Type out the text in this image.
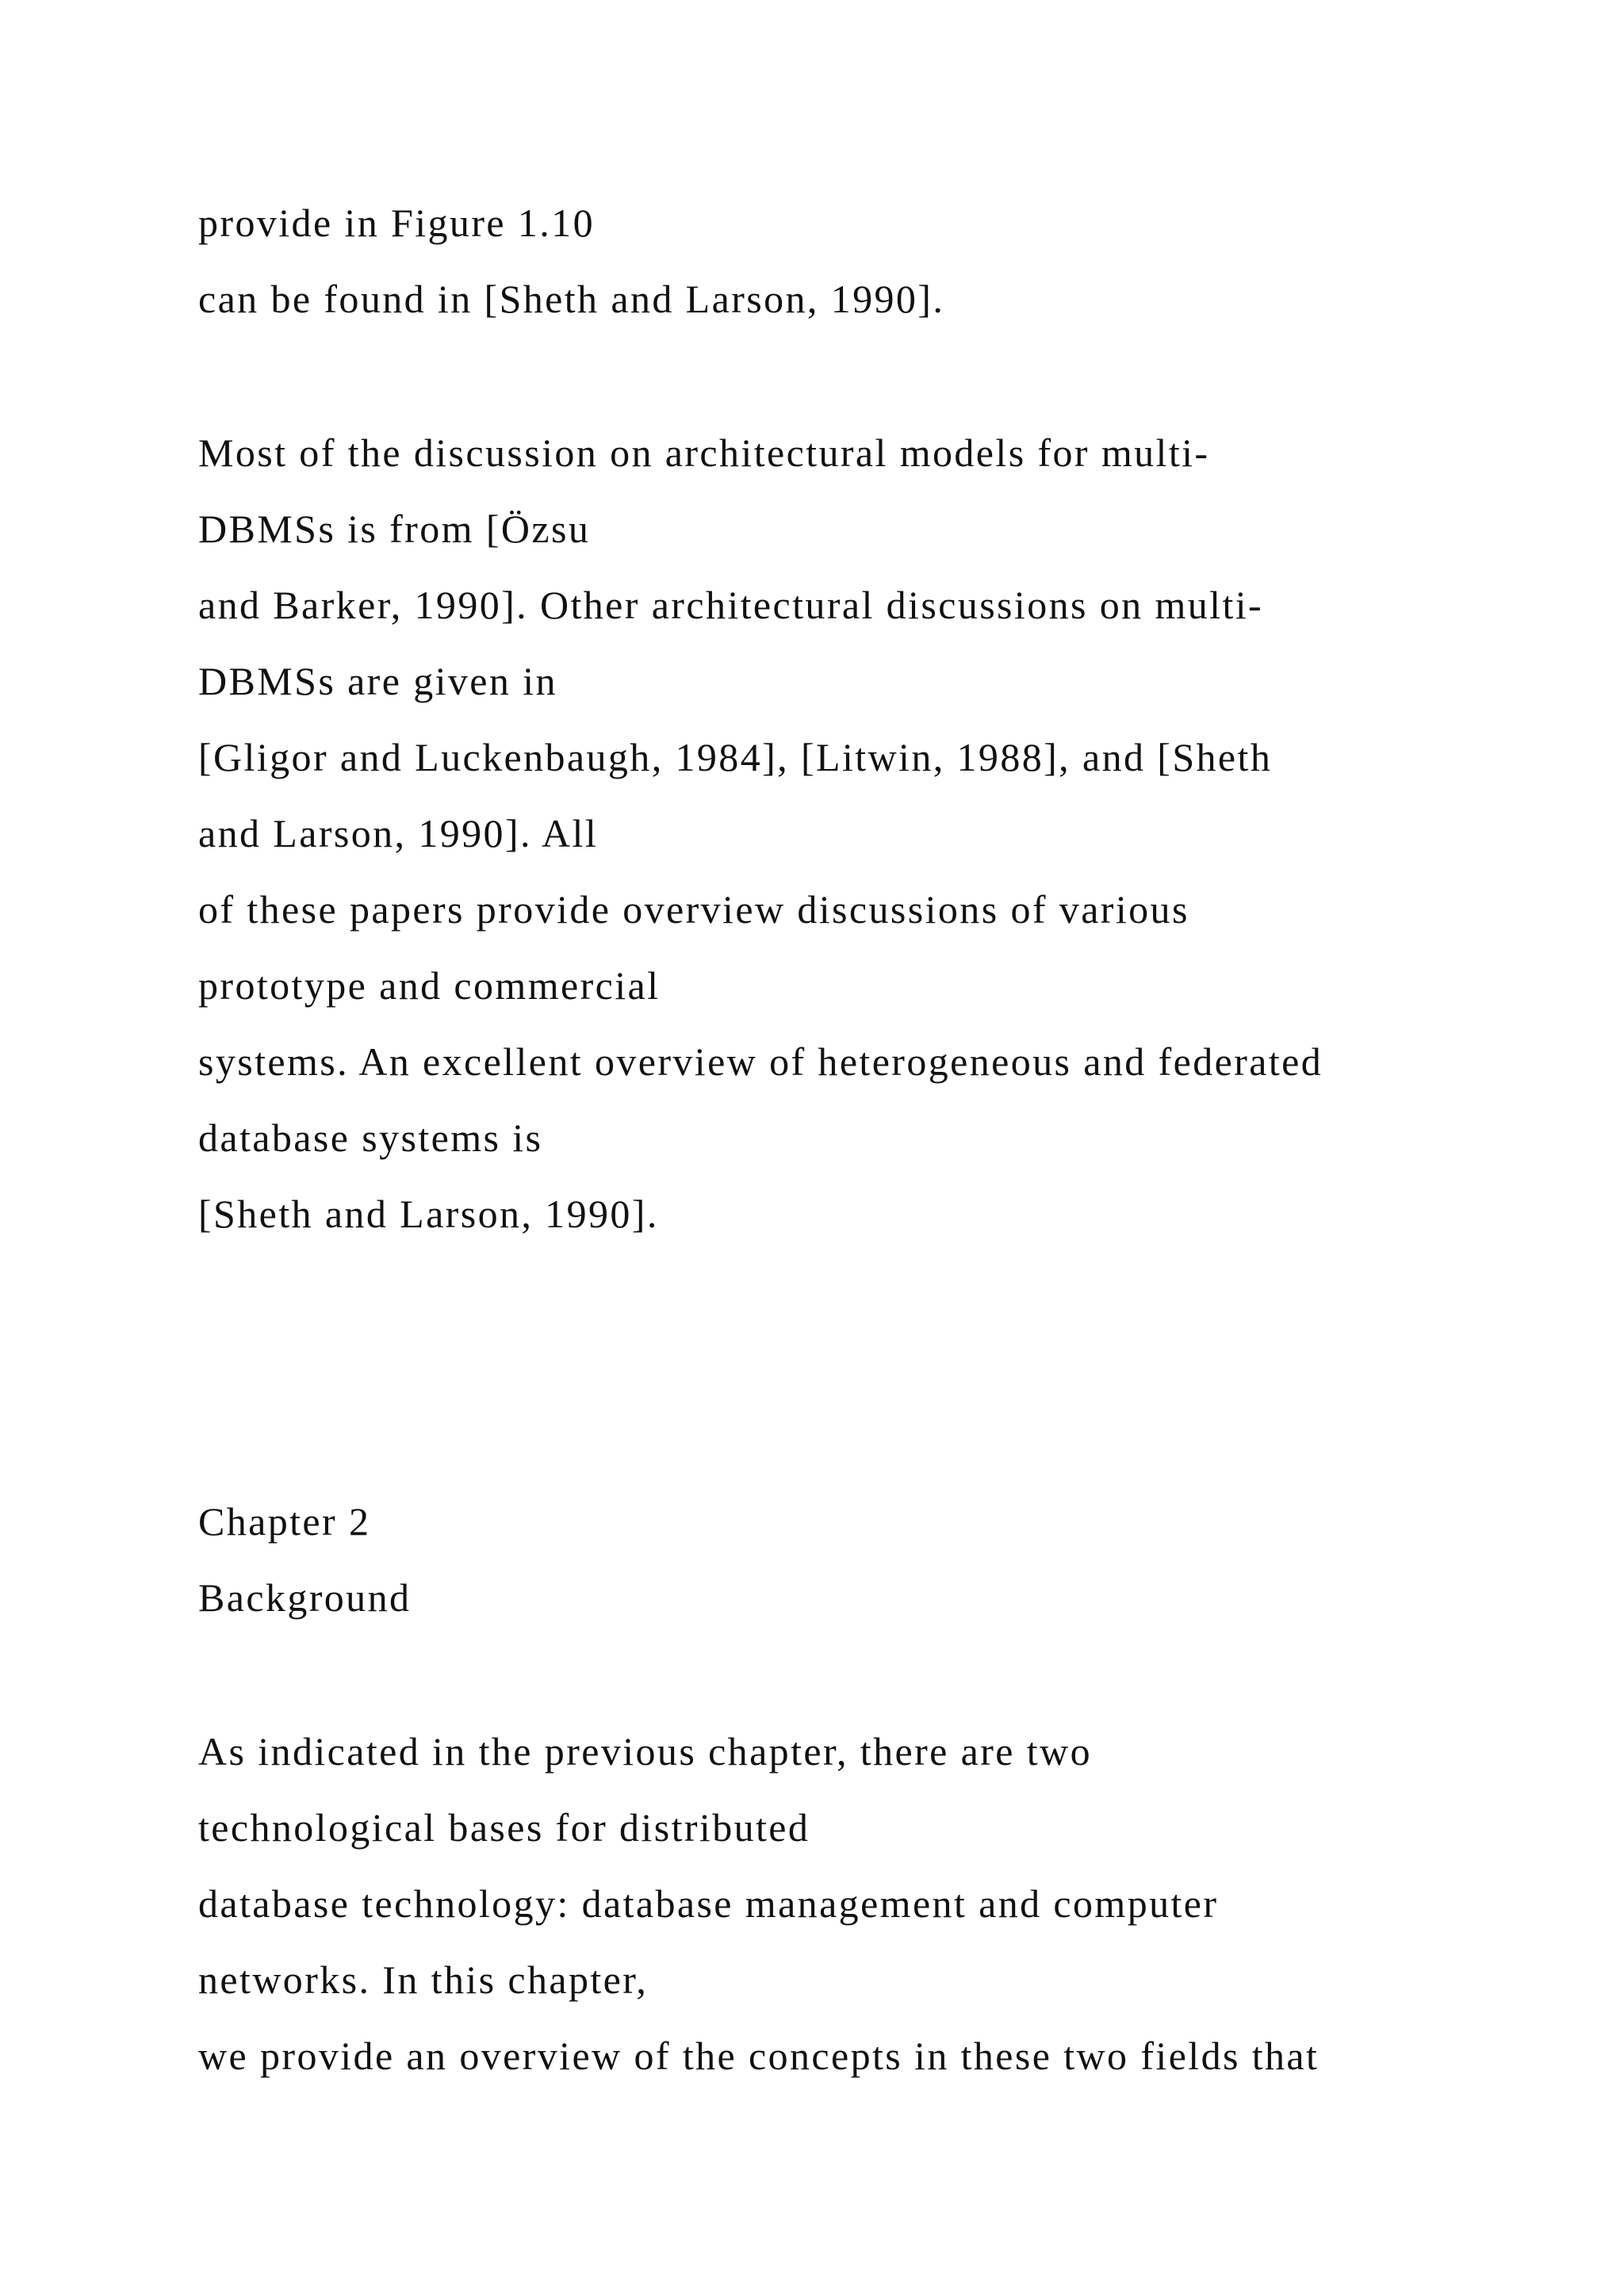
provide in Figure 1.10

can be found in [Sheth and Larson, 1990].

Most of the discussion on architectural models for multi-

DBMSs is from [Özsu

and Barker, 1990]. Other architectural discussions on multi-

DBMSs are given in

[Gligor and Luckenbaugh, 1984], [Litwin, 1988], and [Sheth

and Larson, 1990]. All

of these papers provide overview discussions of various

prototype and commercial

systems. An excellent overview of heterogeneous and federated

database systems is

[Sheth and Larson, 1990].

Chapter 2

Background

As indicated in the previous chapter, there are two

technological bases for distributed

database technology: database management and computer

networks. In this chapter,

we provide an overview of the concepts in these two fields that
